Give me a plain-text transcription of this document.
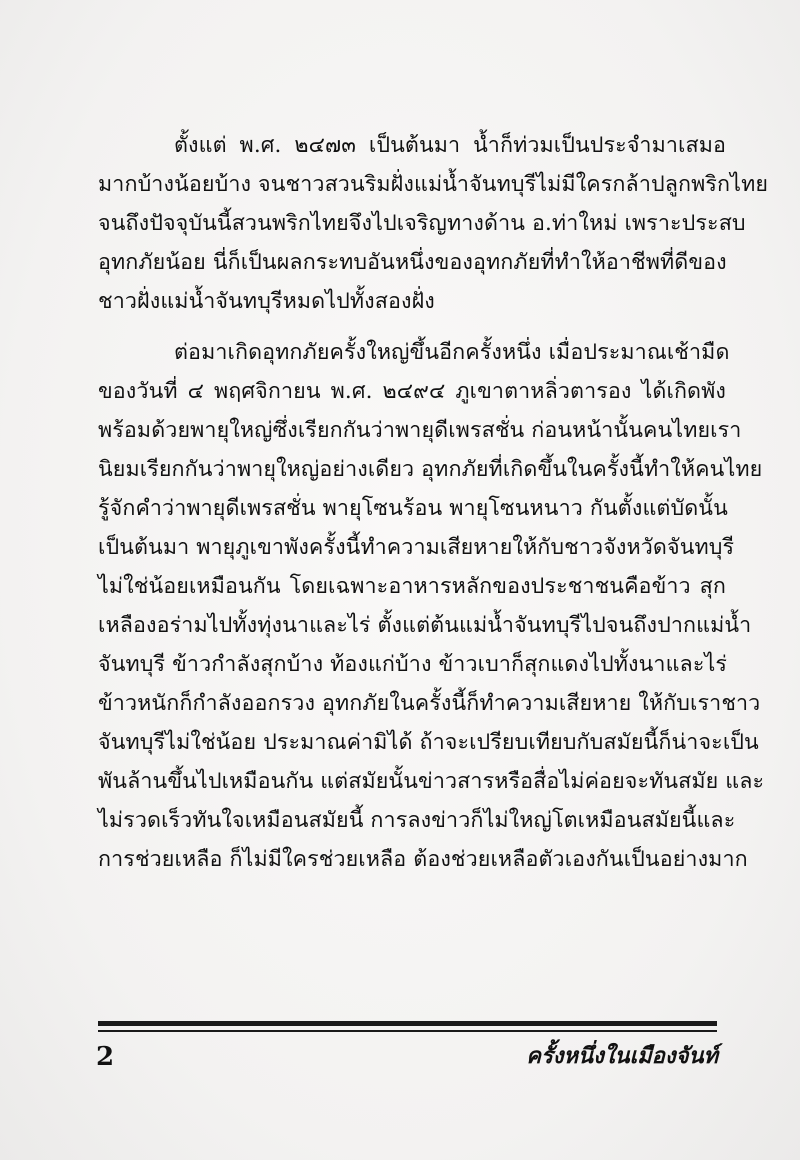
ตั้งแต่ พ.ศ. ๒๔๗๓ เป็นต้นมา น้ำก็ท่วมเป็นประจำมาเสมอ
มากบ้างน้อยบ้าง จนชาวสวนริมฝั่งแม่น้ำจันทบุรีไม่มีใครกล้าปลูกพริกไทย
จนถึงปัจจุบันนี้สวนพริกไทยจึงไปเจริญทางด้าน อ.ท่าใหม่ เพราะประสบ
อุทกภัยน้อย นี่ก็เป็นผลกระทบอันหนึ่งของอุทกภัยที่ทำให้อาชีพที่ดีของ
ชาวฝั่งแม่น้ำจันทบุรีหมดไปทั้งสองฝั่ง
ต่อมาเกิดอุทกภัยครั้งใหญ่ขึ้นอีกครั้งหนึ่ง เมื่อประมาณเช้ามืด
ของวันที่ ๔ พฤศจิกายน พ.ศ. ๒๔๙๔ ภูเขาตาหลิ่วตารอง ได้เกิดพัง
พร้อมด้วยพายุใหญ่ซึ่งเรียกกันว่าพายุดีเพรสชั่น ก่อนหน้านั้นคนไทยเรา
นิยมเรียกกันว่าพายุใหญ่อย่างเดียว อุทกภัยที่เกิดขึ้นในครั้งนี้ทำให้คนไทย
รู้จักคำว่าพายุดีเพรสชั่น พายุโซนร้อน พายุโซนหนาว กันตั้งแต่บัดนั้น
เป็นต้นมา พายุภูเขาพังครั้งนี้ทำความเสียหายให้กับชาวจังหวัดจันทบุรี
ไม่ใช่น้อยเหมือนกัน โดยเฉพาะอาหารหลักของประชาชนคือข้าว สุก
เหลืองอร่ามไปทั้งทุ่งนาและไร่ ตั้งแต่ต้นแม่น้ำจันทบุรีไปจนถึงปากแม่น้ำ
จันทบุรี ข้าวกำลังสุกบ้าง ท้องแก่บ้าง ข้าวเบาก็สุกแดงไปทั้งนาและไร่
ข้าวหนักก็กำลังออกรวง อุทกภัยในครั้งนี้ก็ทำความเสียหาย ให้กับเราชาว
จันทบุรีไม่ใช่น้อย ประมาณค่ามิได้ ถ้าจะเปรียบเทียบกับสมัยนี้ก็น่าจะเป็น
พันล้านขึ้นไปเหมือนกัน แต่สมัยนั้นข่าวสารหรือสื่อไม่ค่อยจะทันสมัย และ
ไม่รวดเร็วทันใจเหมือนสมัยนี้ การลงข่าวก็ไม่ใหญ่โตเหมือนสมัยนี้และ
การช่วยเหลือ ก็ไม่มีใครช่วยเหลือ ต้องช่วยเหลือตัวเองกันเป็นอย่างมาก
2	ครั้งหนึ่งในเมืองจันท์
